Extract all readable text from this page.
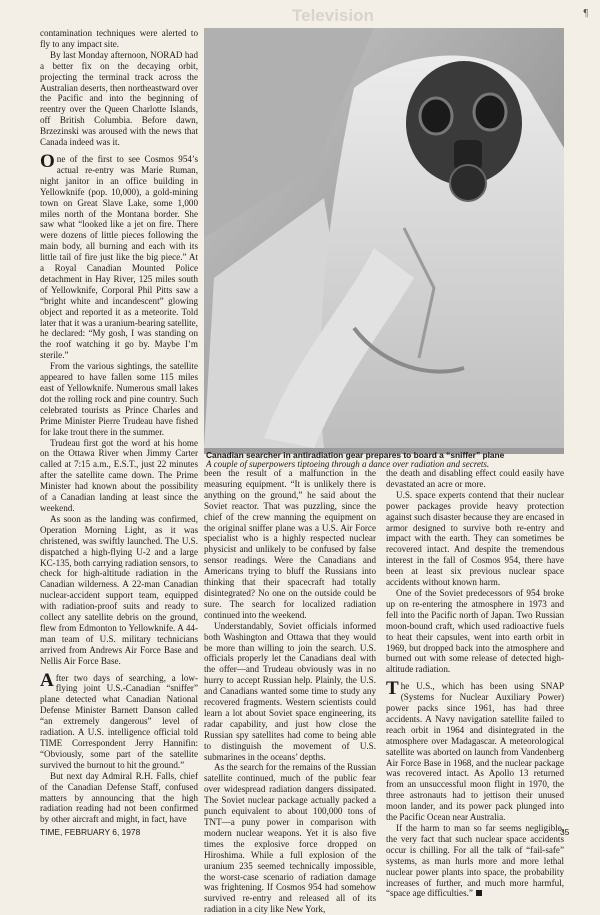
Television	¶

contamination techniques were alerted to fly to any impact site.

By last Monday afternoon, NORAD had a better fix on the decaying orbit, projecting the terminal track across the Australian deserts, then northeastward over the Pacific and into the beginning of reentry over the Queen Charlotte Islands, off British Columbia. Before dawn, Brzezinski was aroused with the news that Canada indeed was it.

One of the first to see Cosmos 954’s actual re-entry was Marie Ruman, night janitor in an office building in Yellowknife (pop. 10,000), a gold-mining town on Great Slave Lake, some 1,000 miles north of the Montana border. She saw what “looked like a jet on fire. There were dozens of little pieces following the main body, all burning and each with its little tail of fire just like the big piece.” At a Royal Canadian Mounted Police detachment in Hay River, 125 miles south of Yellowknife, Corporal Phil Pitts saw a “bright white and incandescent” glowing object and reported it as a meteorite. Told later that it was a uranium-bearing satellite, he declared: “My gosh, I was standing on the roof watching it go by. Maybe I’m sterile.”

From the various sightings, the satellite appeared to have fallen some 115 miles east of Yellowknife. Numerous small lakes dot the rolling rock and pine country. Such celebrated tourists as Prince Charles and Prime Minister Pierre Trudeau have fished for lake trout there in the summer.

Trudeau first got the word at his home on the Ottawa River when Jimmy Carter called at 7:15 a.m., E.S.T., just 22 minutes after the satellite came down. The Prime Minister had known about the possibility of a Canadian landing at least since the weekend.

As soon as the landing was confirmed, Operation Morning Light, as it was christened, was swiftly launched. The U.S. dispatched a high-flying U-2 and a large KC-135, both carrying radiation sensors, to check for high-altitude radiation in the Canadian wilderness. A 22-man Canadian nuclear-accident support team, equipped with radiation-proof suits and ready to collect any satellite debris on the ground, flew from Edmonton to Yellowknife. A 44-man team of U.S. military technicians arrived from Andrews Air Force Base and Nellis Air Force Base.

After two days of searching, a low-flying joint U.S.-Canadian “sniffer” plane detected what Canadian National Defense Minister Barnett Danson called “an extremely dangerous” level of radiation. A U.S. intelligence official told TIME Correspondent Jerry Hannifin: “Obviously, some part of the satellite survived the burnout to hit the ground.”

But next day Admiral R.H. Falls, chief of the Canadian Defense Staff, confused matters by announcing that the high radiation reading had not been confirmed by other aircraft and might, in fact, have

Canadian searcher in antiradiation gear prepares to board a “sniffer” plane
A couple of superpowers tiptoeing through a dance over radiation and secrets.

been the result of a malfunction in the measuring equipment. “It is unlikely there is anything on the ground,” he said about the Soviet reactor. That was puzzling, since the chief of the crew manning the equipment on the original sniffer plane was a U.S. Air Force specialist who is a highly respected nuclear physicist and unlikely to be confused by false sensor readings. Were the Canadians and Americans trying to bluff the Russians into thinking that their spacecraft had totally disintegrated? No one on the outside could be sure. The search for localized radiation continued into the weekend.

Understandably, Soviet officials informed both Washington and Ottawa that they would be more than willing to join the search. U.S. officials properly let the Canadians deal with the offer—and Trudeau obviously was in no hurry to accept Russian help. Plainly, the U.S. and Canadians wanted some time to study any recovered fragments. Western scientists could learn a lot about Soviet space engineering, its radar capability, and just how close the Russian spy satellites had come to being able to distinguish the movement of U.S. submarines in the oceans’ depths.

As the search for the remains of the Russian satellite continued, much of the public fear over widespread radiation dangers dissipated. The Soviet nuclear package actually packed a punch equivalent to about 100,000 tons of TNT—a puny power in comparison with modern nuclear weapons. Yet it is also five times the explosive force dropped on Hiroshima. While a full explosion of the uranium 235 seemed technically impossible, the worst-case scenario of radiation damage was frightening. If Cosmos 954 had somehow survived re-entry and released all of its radiation in a city like New York,

the death and disabling effect could easily have devastated an acre or more.

U.S. space experts contend that their nuclear power packages provide heavy protection against such disaster because they are encased in armor designed to survive both re-entry and impact with the earth. They can sometimes be recovered intact. And despite the tremendous interest in the fall of Cosmos 954, there have been at least six previous nuclear space accidents without known harm.

One of the Soviet predecessors of 954 broke up on re-entering the atmosphere in 1973 and fell into the Pacific north of Japan. Two Russian moon-bound craft, which used radioactive fuels to heat their capsules, went into earth orbit in 1969, but dropped back into the atmosphere and burned out with some release of detected high-altitude radiation.

The U.S., which has been using SNAP (Systems for Nuclear Auxiliary Power) power packs since 1961, has had three accidents. A Navy navigation satellite failed to reach orbit in 1964 and disintegrated in the atmosphere over Madagascar. A meteorological satellite was aborted on launch from Vandenberg Air Force Base in 1968, and the nuclear package was recovered intact. As Apollo 13 returned from an unsuccessful moon flight in 1970, the three astronauts had to jettison their unused moon lander, and its power pack plunged into the Pacific Ocean near Australia.

If the harm to man so far seems negligible, the very fact that such nuclear space accidents occur is chilling. For all the talk of “fail-safe” systems, as man hurls more and more lethal nuclear power plants into space, the probability increases of further, and much more harmful, “space age difficulties.”

TIME, FEBRUARY 6, 1978	35
